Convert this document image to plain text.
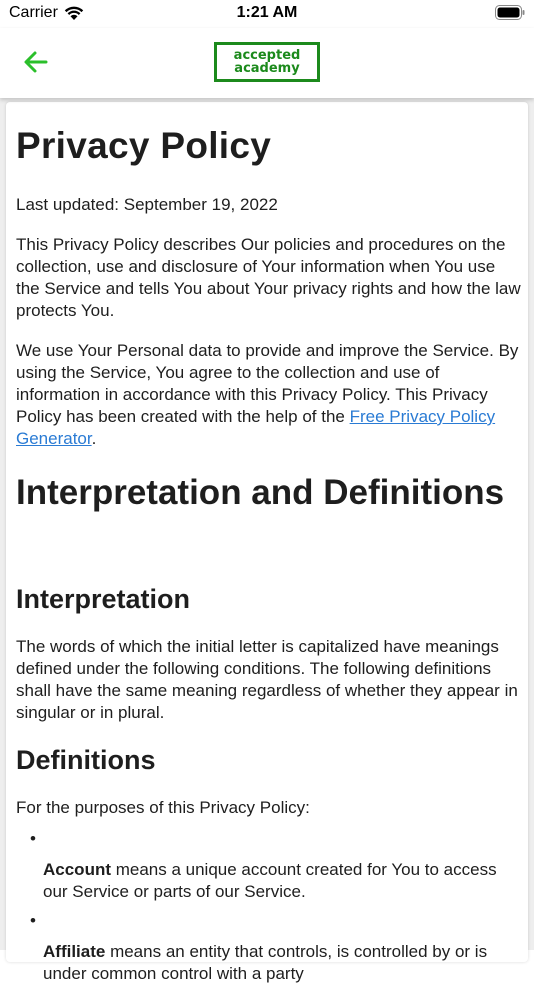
Carrier	1:21 AM
accepted
academy
Privacy Policy

Last updated: September 19, 2022

This Privacy Policy describes Our policies and procedures on the collection, use and disclosure of Your information when You use the Service and tells You about Your privacy rights and how the law protects You.

We use Your Personal data to provide and improve the Service. By using the Service, You agree to the collection and use of information in accordance with this Privacy Policy. This Privacy Policy has been created with the help of the Free Privacy Policy Generator.

Interpretation and Definitions
Interpretation

The words of which the initial letter is capitalized have meanings defined under the following conditions. The following definitions shall have the same meaning regardless of whether they appear in singular or in plural.

Definitions

For the purposes of this Privacy Policy:

•

Account means a unique account created for You to access our Service or parts of our Service.

•

Affiliate means an entity that controls, is controlled by or is under common control with a party
